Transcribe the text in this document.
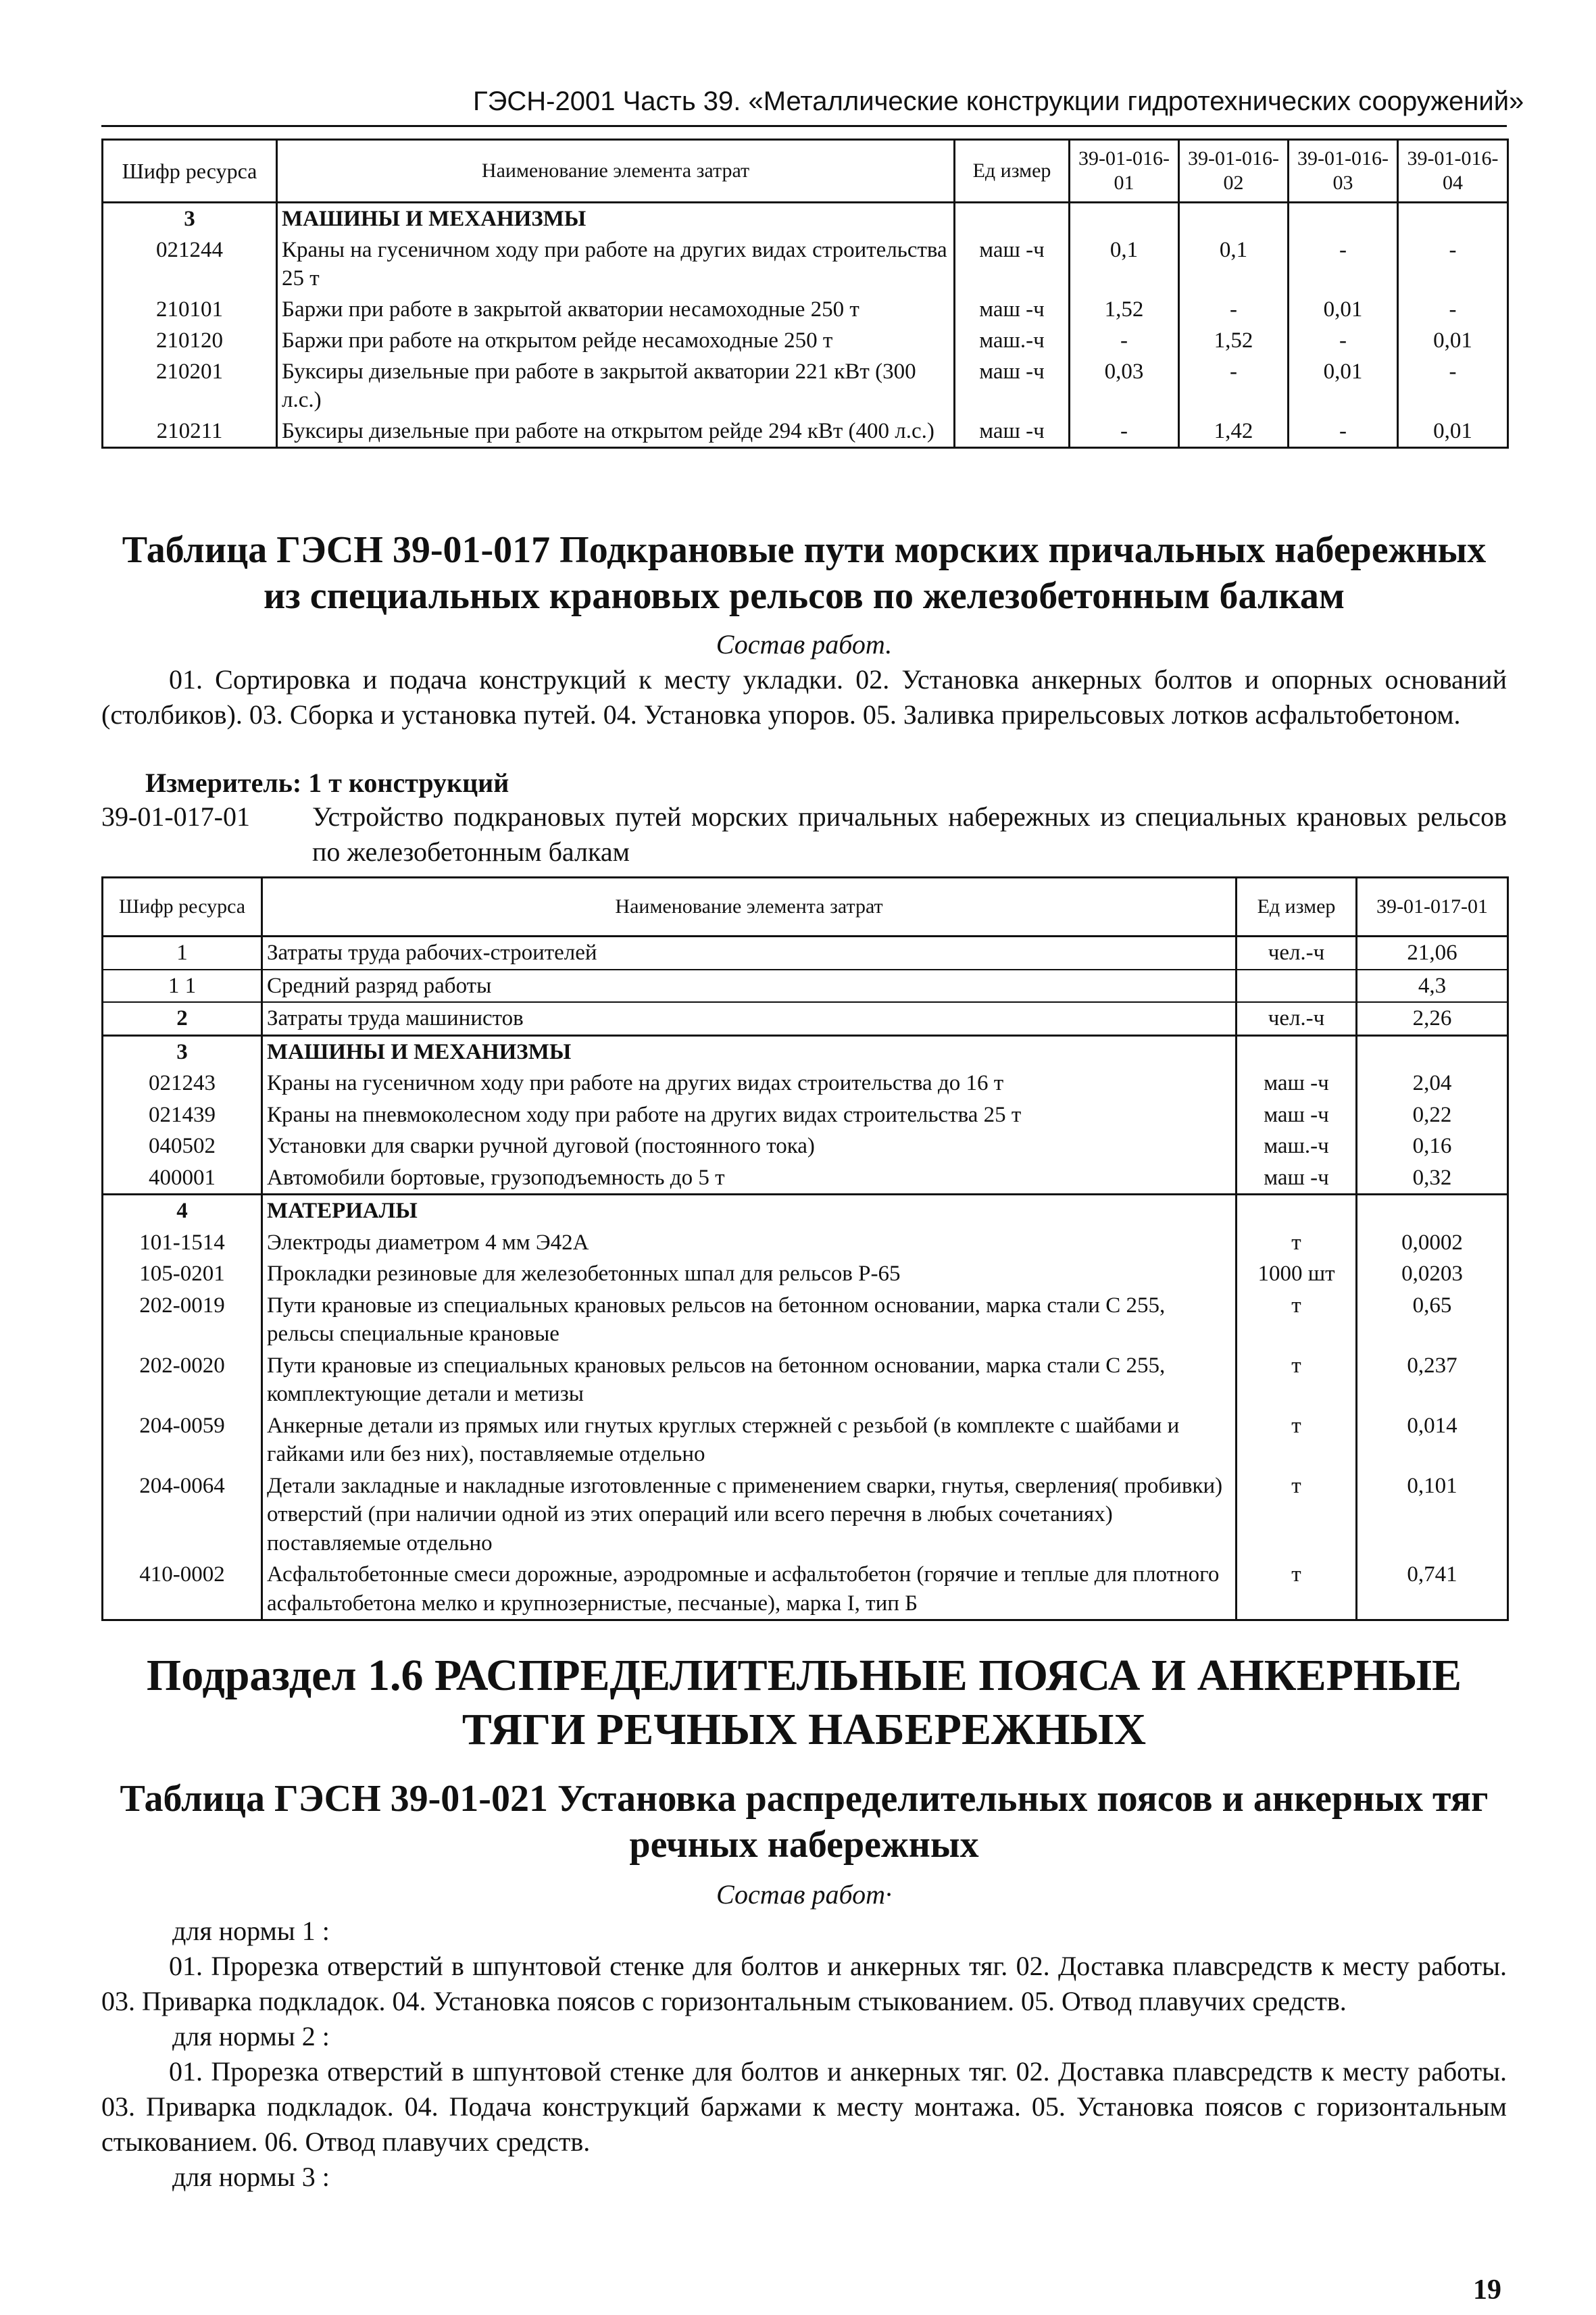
ГЭСН-2001 Часть 39. «Металлические конструкции гидротехнических сооружений»
Шифр ресурса	Наименование элемента затрат	Ед измер	39-01-016-01	39-01-016-02	39-01-016-03	39-01-016-04
3	МАШИНЫ И МЕХАНИЗМЫ					
021244	Краны на гусеничном ходу при работе на других видах строительства 25 т	маш -ч	0,1	0,1	-	-
210101	Баржи при работе в закрытой акватории несамоходные 250 т	маш -ч	1,52	-	0,01	-
210120	Баржи при работе на открытом рейде несамоходные 250 т	маш.-ч	-	1,52	-	0,01
210201	Буксиры дизельные при работе в закрытой акватории 221 кВт (300 л.с.)	маш -ч	0,03	-	0,01	-
210211	Буксиры дизельные при работе на открытом рейде 294 кВт (400 л.с.)	маш -ч	-	1,42	-	0,01
Таблица ГЭСН 39-01-017 Подкрановые пути морских причальных набережных из специальных крановых рельсов по железобетонным балкам
Состав работ.
01. Сортировка и подача конструкций к месту укладки. 02. Установка анкерных болтов и опорных оснований (столбиков). 03. Сборка и установка путей. 04. Установка упоров. 05. Заливка прирельсовых лотков асфальтобетоном.
Измеритель: 1 т конструкций
39-01-017-01 Устройство подкрановых путей морских причальных набережных из специальных крановых рельсов по железобетонным балкам
Шифр ресурса	Наименование элемента затрат	Ед измер	39-01-017-01
1	Затраты труда рабочих-строителей	чел.-ч	21,06
1 1	Средний разряд работы		4,3
2	Затраты труда машинистов	чел.-ч	2,26
3	МАШИНЫ И МЕХАНИЗМЫ		
021243	Краны на гусеничном ходу при работе на других видах строительства до 16 т	маш -ч	2,04
021439	Краны на пневмоколесном ходу при работе на других видах строительства 25 т	маш -ч	0,22
040502	Установки для сварки ручной дуговой (постоянного тока)	маш.-ч	0,16
400001	Автомобили бортовые, грузоподъемность до 5 т	маш -ч	0,32
4	МАТЕРИАЛЫ		
101-1514	Электроды диаметром 4 мм Э42А	т	0,0002
105-0201	Прокладки резиновые для железобетонных шпал для рельсов Р-65	1000 шт	0,0203
202-0019	Пути крановые из специальных крановых рельсов на бетонном основании, марка стали С 255, рельсы специальные крановые	т	0,65
202-0020	Пути крановые из специальных крановых рельсов на бетонном основании, марка стали С 255, комплектующие детали и метизы	т	0,237
204-0059	Анкерные детали из прямых или гнутых круглых стержней с резьбой (в комплекте с шайбами и гайками или без них), поставляемые отдельно	т	0,014
204-0064	Детали закладные и накладные изготовленные с применением сварки, гнутья, сверления( пробивки) отверстий (при наличии одной из этих операций или всего перечня в любых сочетаниях) поставляемые отдельно	т	0,101
410-0002	Асфальтобетонные смеси дорожные, аэродромные и асфальтобетон (горячие и теплые для плотного асфальтобетона мелко и крупнозернистые, песчаные), марка I, тип Б	т	0,741
Подраздел 1.6 РАСПРЕДЕЛИТЕЛЬНЫЕ ПОЯСА И АНКЕРНЫЕ ТЯГИ РЕЧНЫХ НАБЕРЕЖНЫХ
Таблица ГЭСН 39-01-021 Установка распределительных поясов и анкерных тяг речных набережных
Состав работ·
для нормы 1 :
01. Прорезка отверстий в шпунтовой стенке для болтов и анкерных тяг. 02. Доставка плавсредств к месту работы. 03. Приварка подкладок. 04. Установка поясов с горизонтальным стыкованием. 05. Отвод плавучих средств.
для нормы 2 :
01. Прорезка отверстий в шпунтовой стенке для болтов и анкерных тяг. 02. Доставка плавсредств к месту работы. 03. Приварка подкладок. 04. Подача конструкций баржами к месту монтажа. 05. Установка поясов с горизонтальным стыкованием. 06. Отвод плавучих средств.
для нормы 3 :
19
